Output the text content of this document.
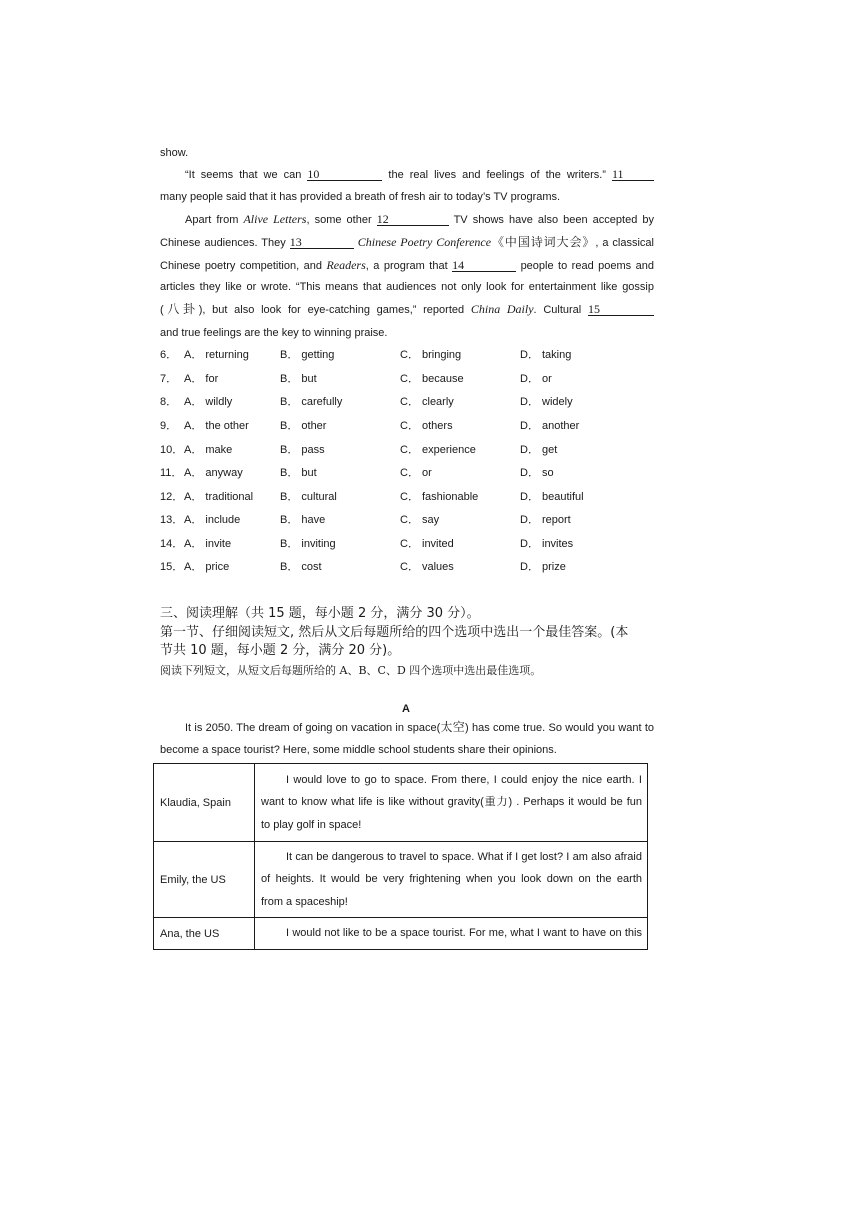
show.
“It seems that we can 10	the real lives and feelings of the writers.” 11
many people said that it has provided a breath of fresh air to today’s TV programs.
Apart from Alive Letters, some other 12	TV shows have also been accepted by
Chinese audiences. They 13	Chinese Poetry Conference《中国诗词大会》, a classical
Chinese poetry competition, and Readers, a program that 14	people to read poems and
articles they like or wrote. “This means that audiences not only look for entertainment like gossip
(八卦), but also look for eye-catching games,” reported China Daily. Cultural 15
and true feelings are the key to winning praise.
6． A． returning	B． getting	C． bringing	D． taking
7． A． for	B． but	C． because	D． or
8． A． wildly	B． carefully	C． clearly	D． widely
9． A． the other	B． other	C． others	D． another
10． A． make	B． pass	C． experience	D． get
11． A． anyway	B． but	C． or	D． so
12． A． traditional B． cultural	C． fashionable	D． beautiful
13． A． include	B． have	C． say	D． report
14． A． invite	B． inviting	C． invited	D． invites
15． A． price	B． cost	C． values	D． prize
三、阅读理解（共 15 题，每小题 2 分，满分 30 分）。
第一节、仔细阅读短文, 然后从文后每题所给的四个选项中选出一个最佳答案。(本
节共 10 题，每小题 2 分，满分 20 分)。
阅读下列短文，从短文后每题所给的 A、B、C、D 四个选项中选出最佳选项。
A
It is 2050. The dream of going on vacation in space(太空) has come true. So would you want to
become a space tourist? Here, some middle school students share their opinions.
Klaudia, Spain	I would love to go to space. From there, I could enjoy the nice earth. I
want to know what life is like without gravity(重力) . Perhaps it would be fun
to play golf in space!

Emily, the US	It can be dangerous to travel to space. What if I get lost? I am also afraid
of heights. It would be very frightening when you look down on the earth
from a spaceship!

Ana, the US	I would not like to be a space tourist. For me, what I want to have on this
